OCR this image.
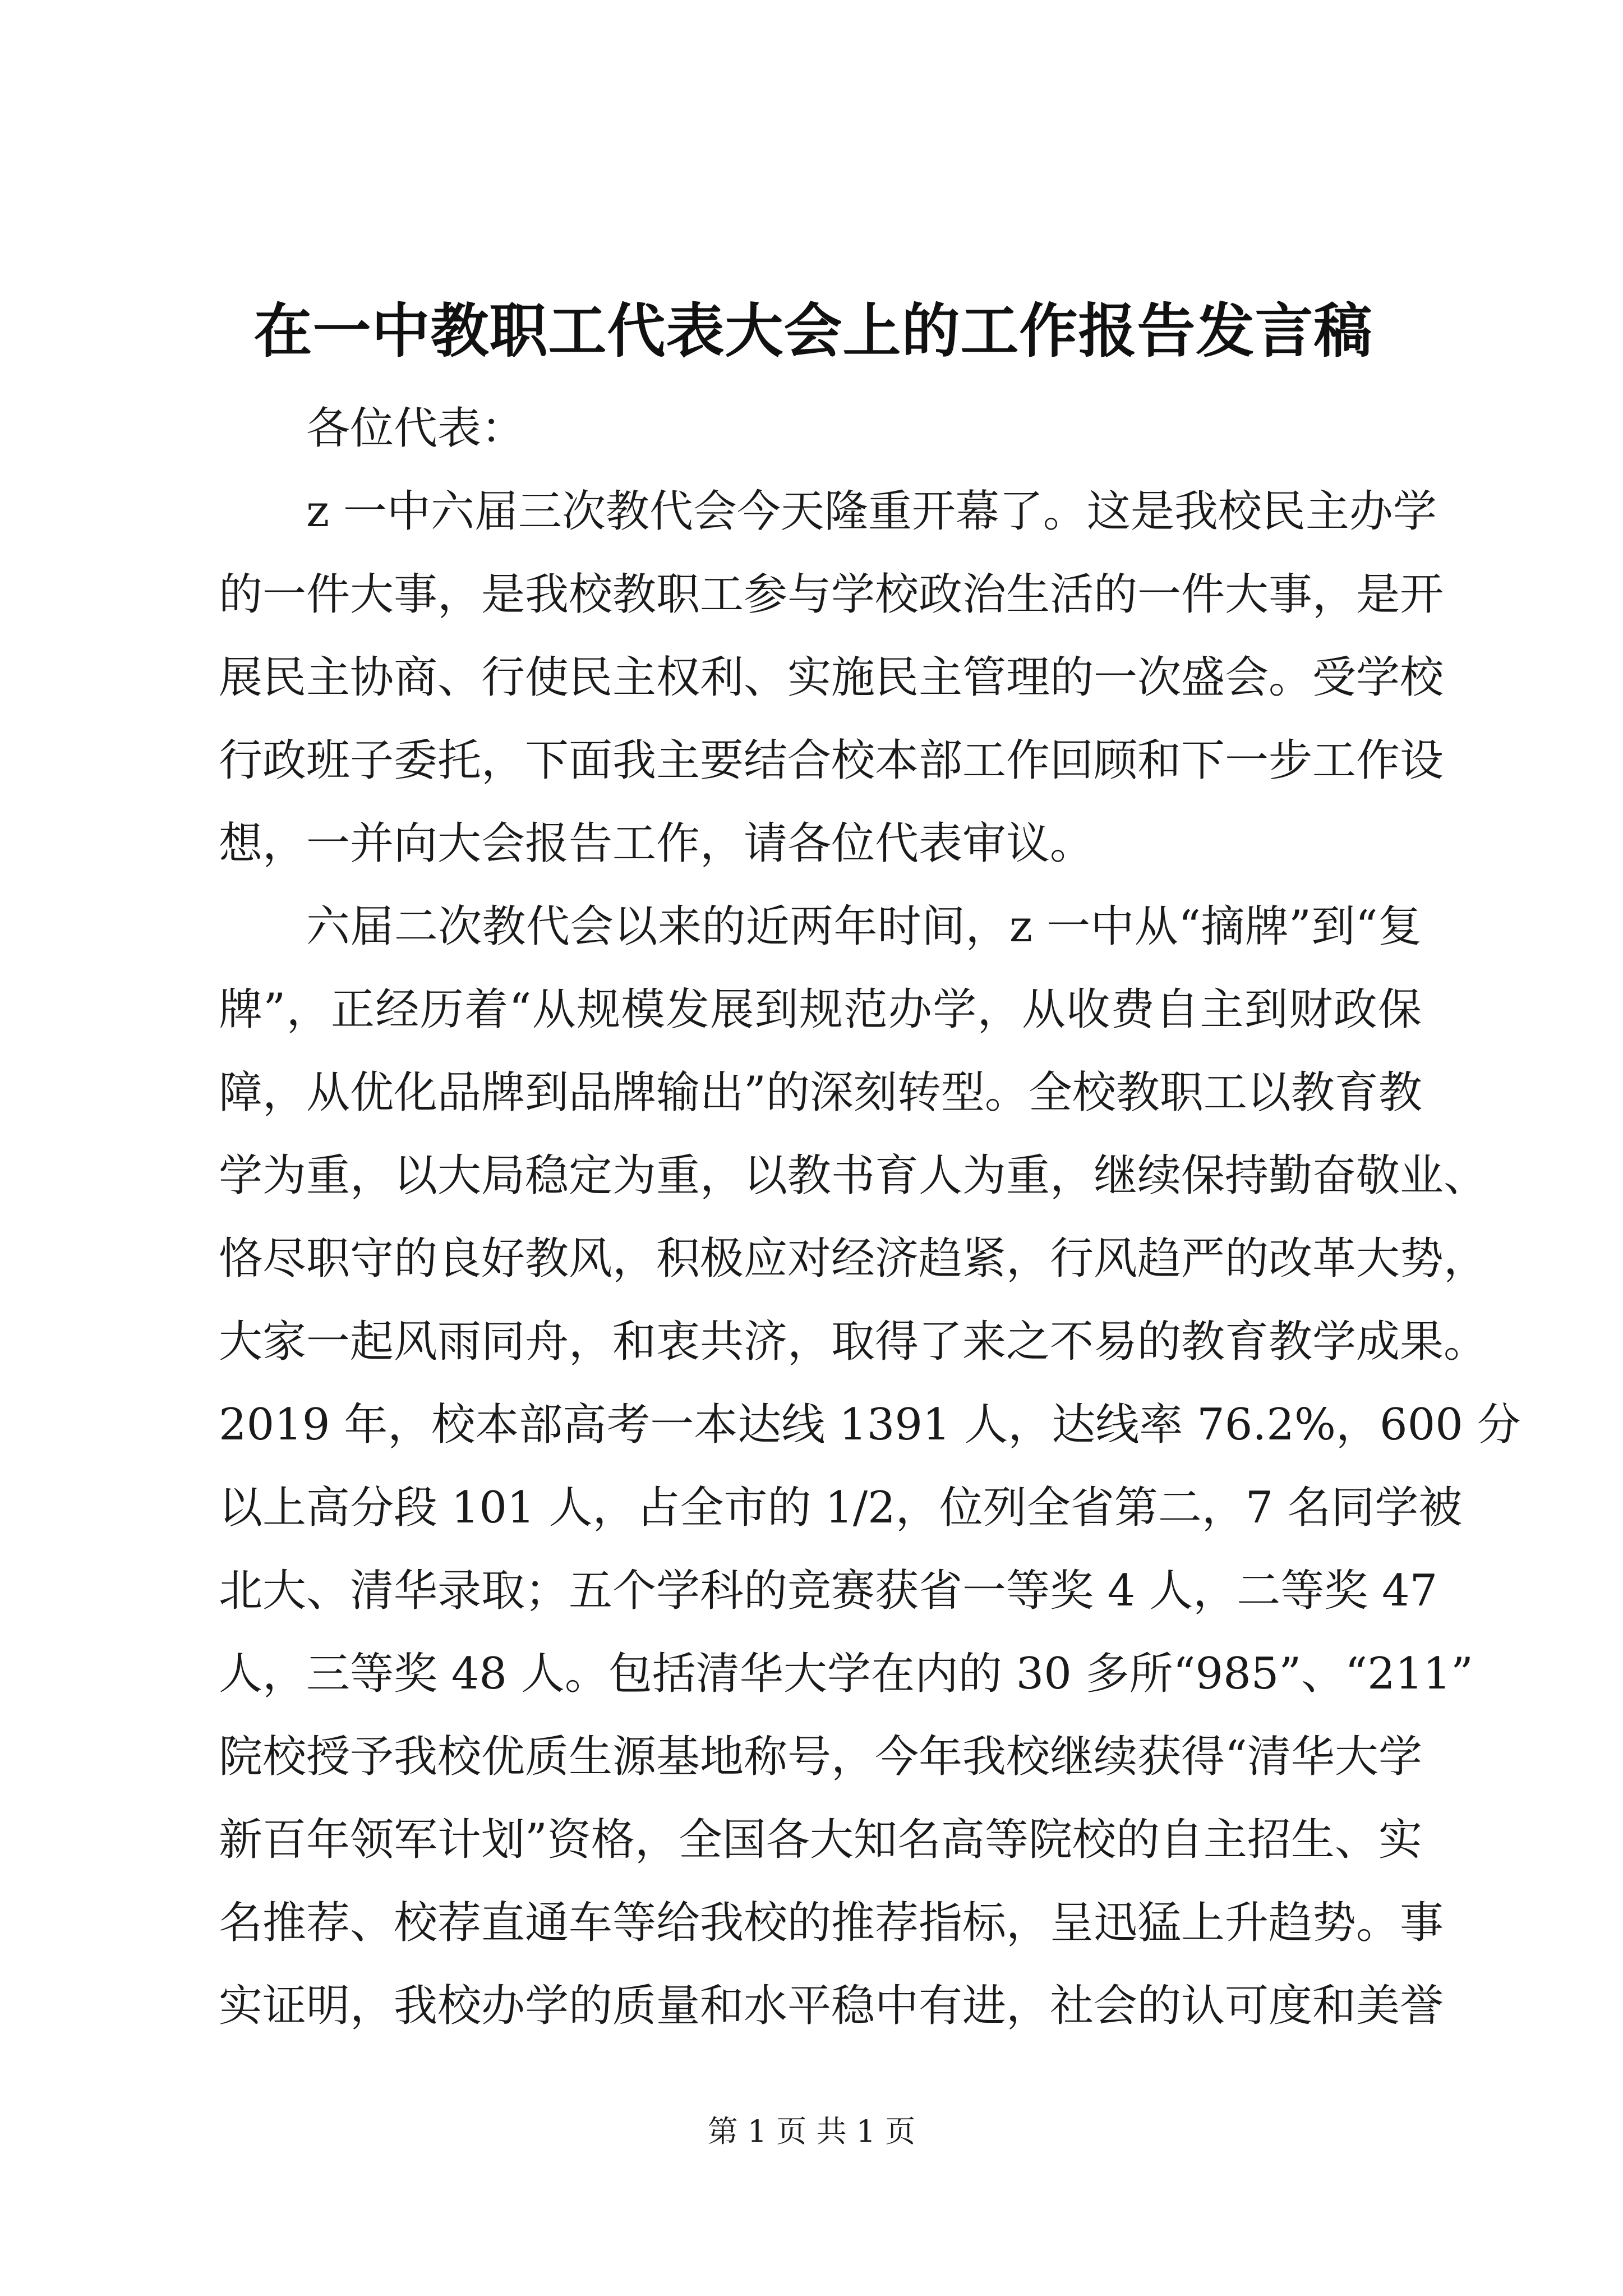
在一中教职工代表大会上的工作报告发言稿
各位代表：
z 一中六届三次教代会今天隆重开幕了。这是我校民主办学
的一件大事，是我校教职工参与学校政治生活的一件大事，是开
展民主协商、行使民主权利、实施民主管理的一次盛会。受学校
行政班子委托，下面我主要结合校本部工作回顾和下一步工作设
想，一并向大会报告工作，请各位代表审议。
六届二次教代会以来的近两年时间，z 一中从“摘牌”到“复
牌”，正经历着“从规模发展到规范办学，从收费自主到财政保
障，从优化品牌到品牌输出”的深刻转型。全校教职工以教育教
学为重，以大局稳定为重，以教书育人为重，继续保持勤奋敬业、
恪尽职守的良好教风，积极应对经济趋紧，行风趋严的改革大势，
大家一起风雨同舟，和衷共济，取得了来之不易的教育教学成果。
2019 年，校本部高考一本达线 1391 人，达线率 76.2%，600 分
以上高分段 101 人，占全市的 1/2，位列全省第二，7 名同学被
北大、清华录取；五个学科的竞赛获省一等奖 4 人，二等奖 47
人，三等奖 48 人。包括清华大学在内的 30 多所“985”、“211”
院校授予我校优质生源基地称号，今年我校继续获得“清华大学
新百年领军计划”资格，全国各大知名高等院校的自主招生、实
名推荐、校荐直通车等给我校的推荐指标，呈迅猛上升趋势。事
实证明，我校办学的质量和水平稳中有进，社会的认可度和美誉
第 1 页 共 1 页
